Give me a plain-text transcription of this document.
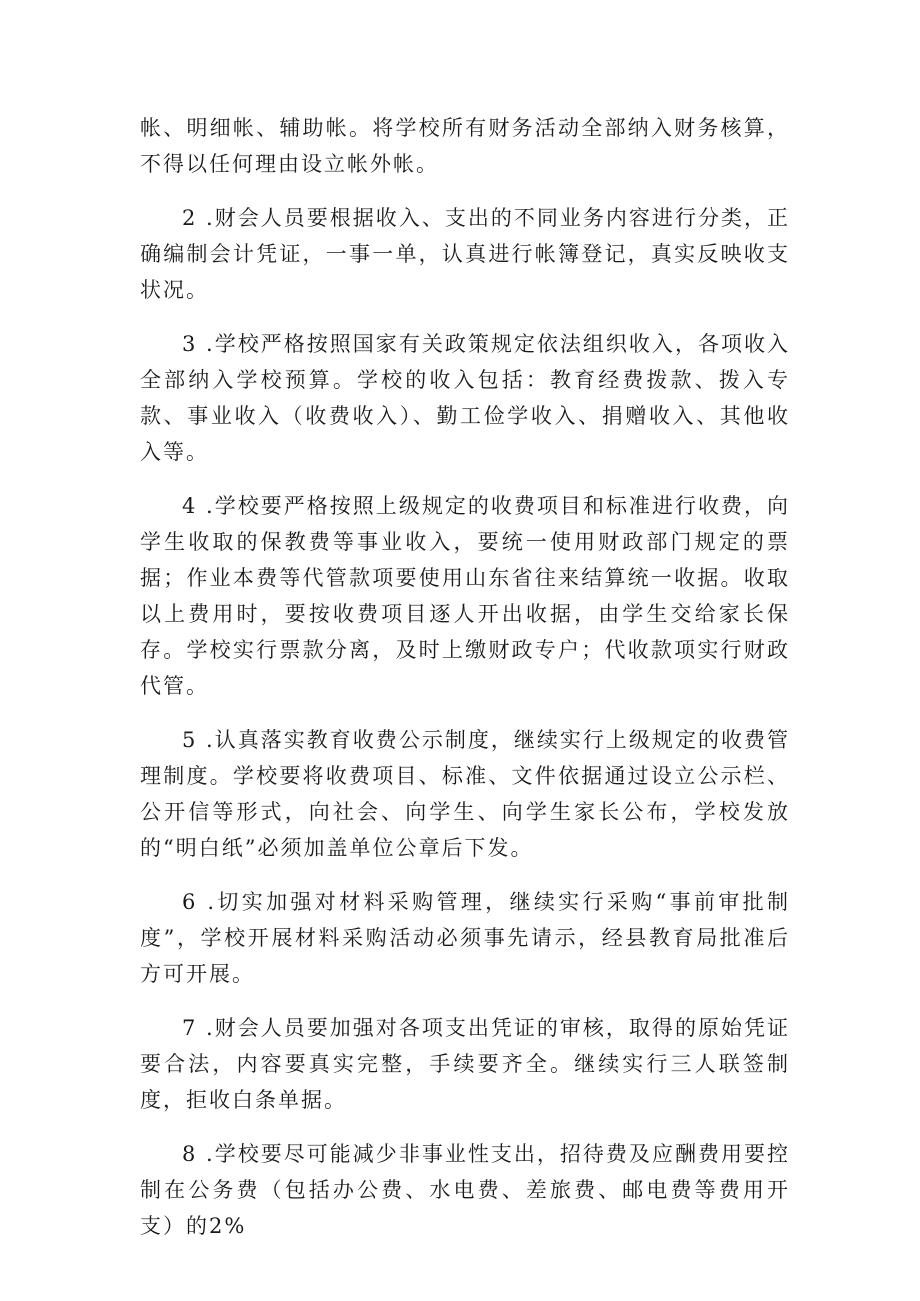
帐、明细帐、辅助帐。将学校所有财务活动全部纳入财务核算，不得以任何理由设立帐外帐。

2 .财会人员要根据收入、支出的不同业务内容进行分类，正确编制会计凭证，一事一单，认真进行帐簿登记，真实反映收支状况。

3 .学校严格按照国家有关政策规定依法组织收入，各项收入全部纳入学校预算。学校的收入包括：教育经费拨款、拨入专款、事业收入（收费收入）、勤工俭学收入、捐赠收入、其他收入等。

4 .学校要严格按照上级规定的收费项目和标准进行收费，向学生收取的保教费等事业收入，要统一使用财政部门规定的票据；作业本费等代管款项要使用山东省往来结算统一收据。收取以上费用时，要按收费项目逐人开出收据，由学生交给家长保存。学校实行票款分离，及时上缴财政专户；代收款项实行财政代管。

5 .认真落实教育收费公示制度，继续实行上级规定的收费管理制度。学校要将收费项目、标准、文件依据通过设立公示栏、公开信等形式，向社会、向学生、向学生家长公布，学校发放的“明白纸”必须加盖单位公章后下发。

6 .切实加强对材料采购管理，继续实行采购“事前审批制度”，学校开展材料采购活动必须事先请示，经县教育局批准后方可开展。

7 .财会人员要加强对各项支出凭证的审核，取得的原始凭证要合法，内容要真实完整，手续要齐全。继续实行三人联签制度，拒收白条单据。

8 .学校要尽可能减少非事业性支出，招待费及应酬费用要控制在公务费（包括办公费、水电费、差旅费、邮电费等费用开支）的2%
